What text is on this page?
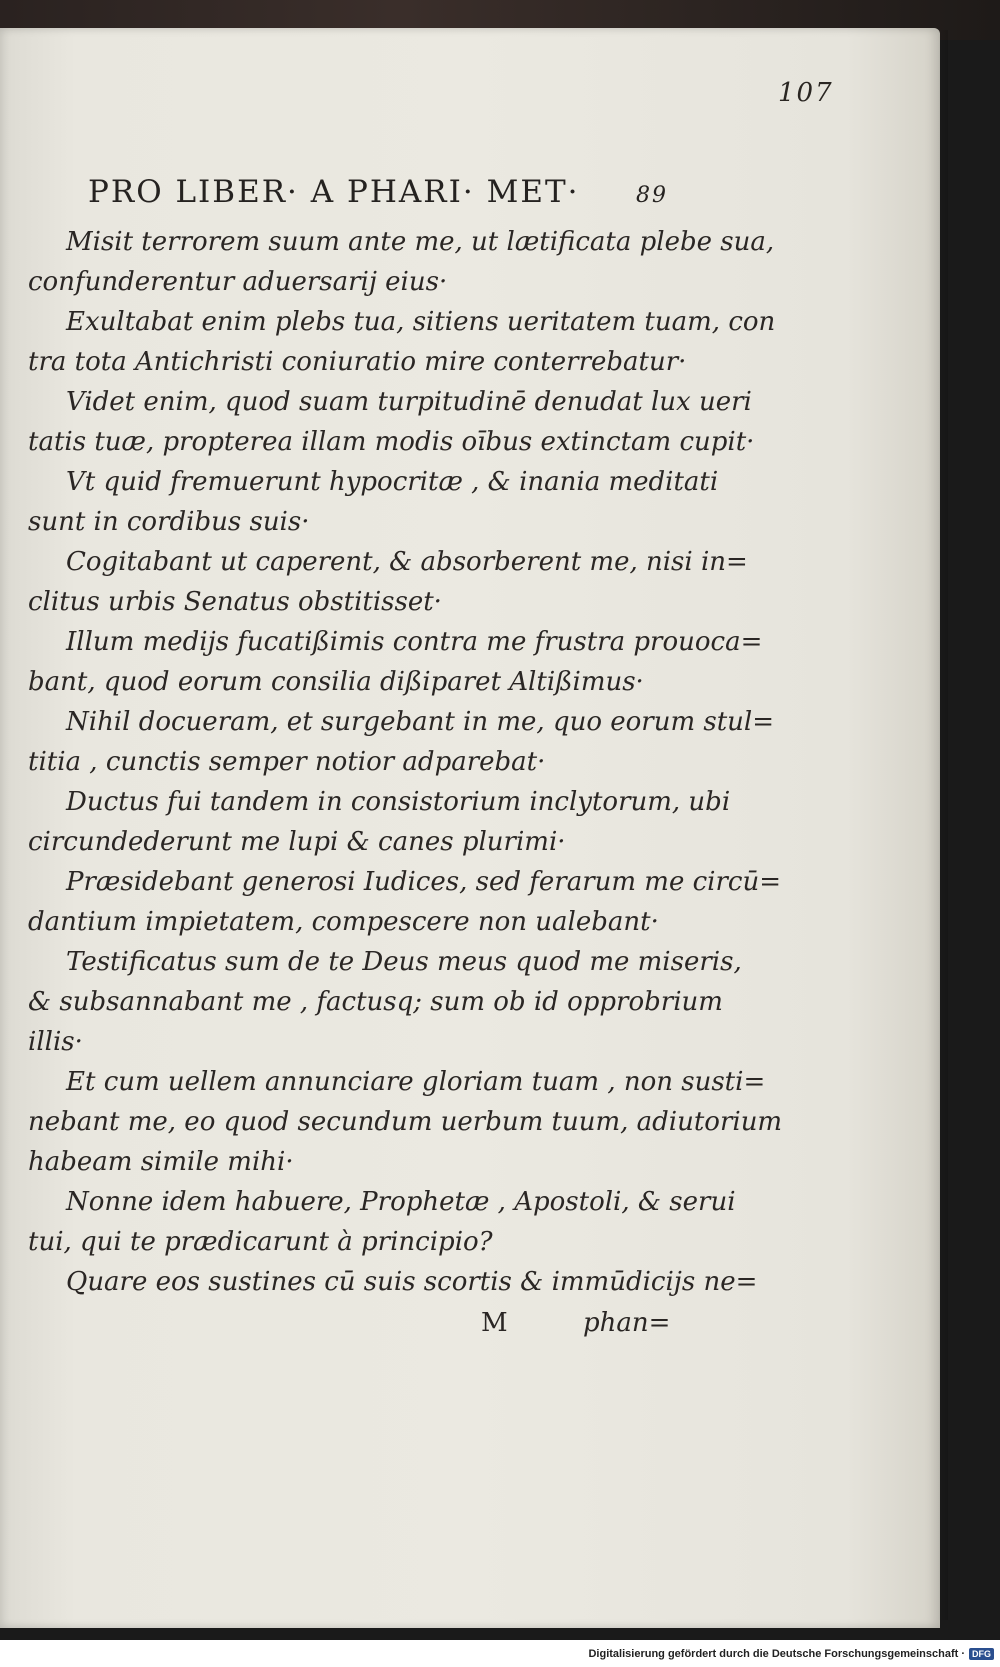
107
PRO LIBER· A PHARI· MET·	89
Misit terrorem suum ante me, ut lætificata plebe sua,
confunderentur aduersarij eius·
Exultabat enim plebs tua, sitiens ueritatem tuam, con
tra tota Antichristi coniuratio mire conterrebatur·
Videt enim, quod suam turpitudinē denudat lux ueri
tatis tuæ, propterea illam modis oībus extinctam cupit·
Vt quid fremuerunt hypocritæ , & inania meditati
sunt in cordibus suis·
Cogitabant ut caperent, & absorberent me, nisi in=
clitus urbis Senatus obstitisset·
Illum medijs fucatißimis contra me frustra prouoca=
bant, quod eorum consilia dißiparet Altißimus·
Nihil docueram, et surgebant in me, quo eorum stul=
titia , cunctis semper notior adparebat·
Ductus fui tandem in consistorium inclytorum, ubi
circundederunt me lupi & canes plurimi·
Præsidebant generosi Iudices, sed ferarum me circū=
dantium impietatem, compescere non ualebant·
Testificatus sum de te Deus meus quod me miseris,
& subsannabant me , factusq; sum ob id opprobrium
illis·
Et cum uellem annunciare gloriam tuam , non susti=
nebant me, eo quod secundum uerbum tuum, adiutorium
habeam simile mihi·
Nonne idem habuere, Prophetæ , Apostoli, & serui
tui, qui te prædicarunt à principio?
Quare eos sustines cū suis scortis & immūdicijs ne=
M	phan=
Digitalisierung gefördert durch die Deutsche Forschungsgemeinschaft · DFG
